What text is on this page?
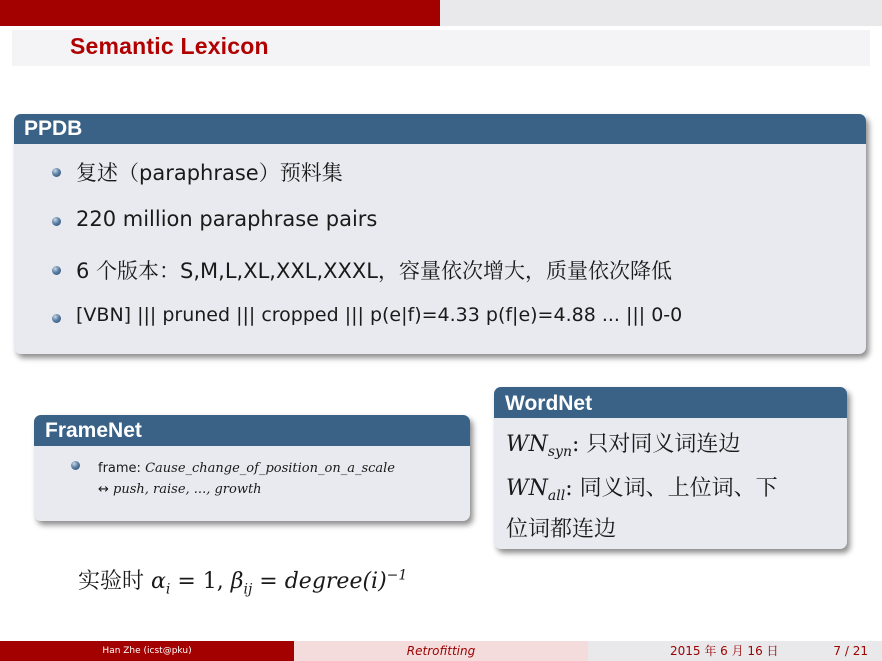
Semantic Lexicon
PPDB
复述（paraphrase）预料集
220 million paraphrase pairs
6 个版本：S,M,L,XL,XXL,XXXL，容量依次增大，质量依次降低
[VBN] ||| pruned ||| cropped ||| p(e|f)=4.33 p(f|e)=4.88 ... ||| 0-0
FrameNet
frame: Cause_change_of_position_on_a_scale
↔ push, raise, ..., growth
WordNet
$WN_{syn}$: 只对同义词连边
$WN_{all}$: 同义词、上位词、下
位词都连边
实验时 $\alpha_i = 1$, $\beta_{ij}$ = $degree(i)^{-1}$
Han Zhe (icst@pku)	Retrofitting	2015 年 6 月 16 日	7 / 21
